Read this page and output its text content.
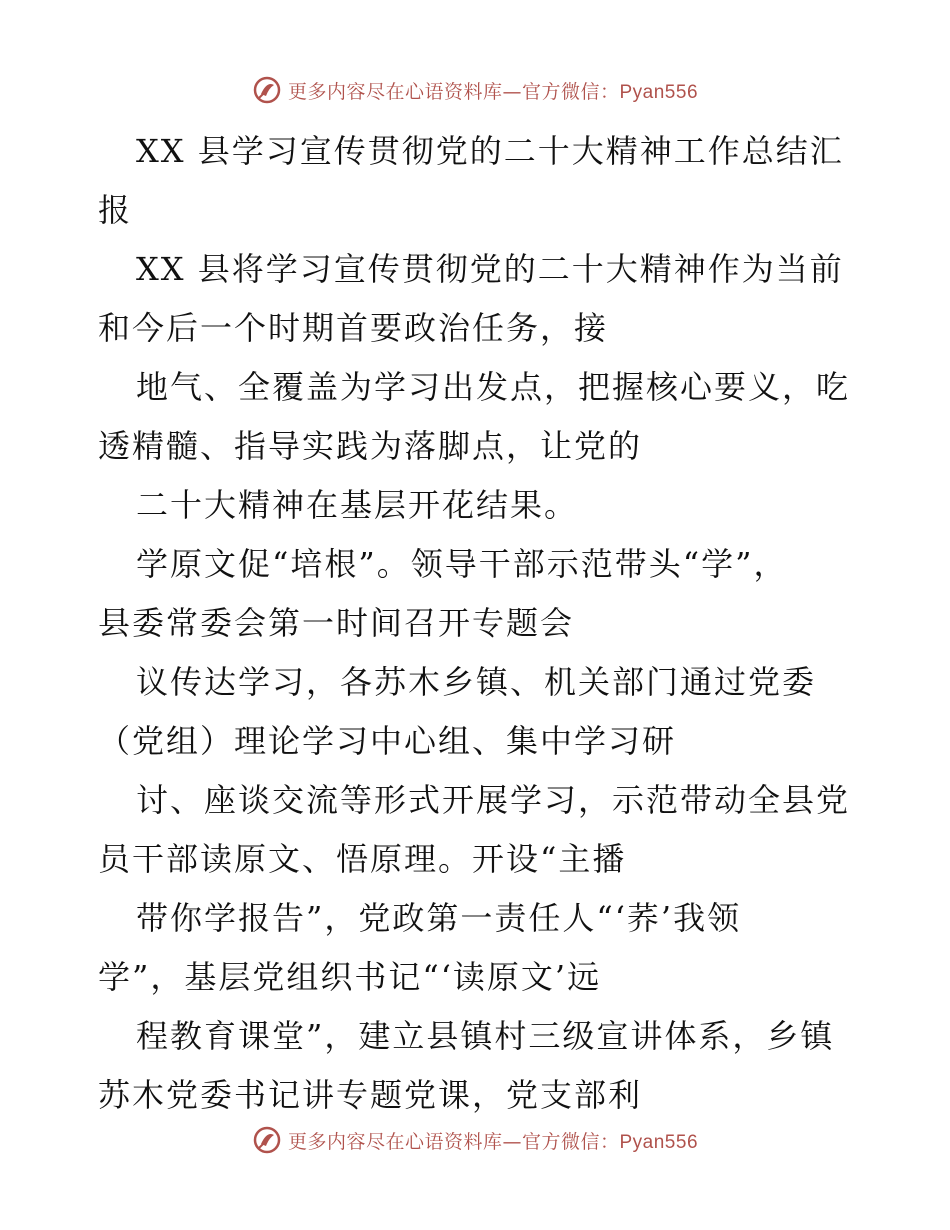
更多内容尽在心语资料库—官方微信：Pyan556
XX 县学习宣传贯彻党的二十大精神工作总结汇
报
XX 县将学习宣传贯彻党的二十大精神作为当前
和今后一个时期首要政治任务，接
地气、全覆盖为学习出发点，把握核心要义，吃
透精髓、指导实践为落脚点，让党的
二十大精神在基层开花结果。
学原文促“培根”。领导干部示范带头“学”，
县委常委会第一时间召开专题会
议传达学习，各苏木乡镇、机关部门通过党委
（党组）理论学习中心组、集中学习研
讨、座谈交流等形式开展学习，示范带动全县党
员干部读原文、悟原理。开设“主播
带你学报告”，党政第一责任人“‘荞’我领
学”，基层党组织书记“‘读原文’远
程教育课堂”，建立县镇村三级宣讲体系，乡镇
苏木党委书记讲专题党课，党支部利
更多内容尽在心语资料库—官方微信：Pyan556
